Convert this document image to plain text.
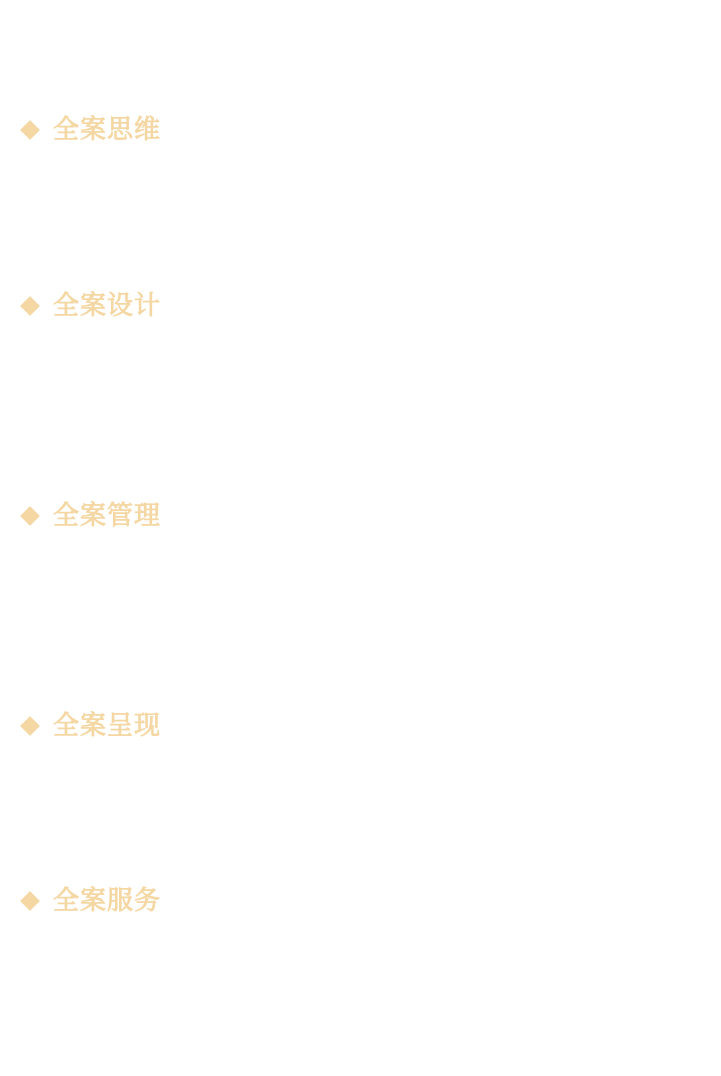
全案思维
全案设计
全案管理
全案呈现
全案服务
